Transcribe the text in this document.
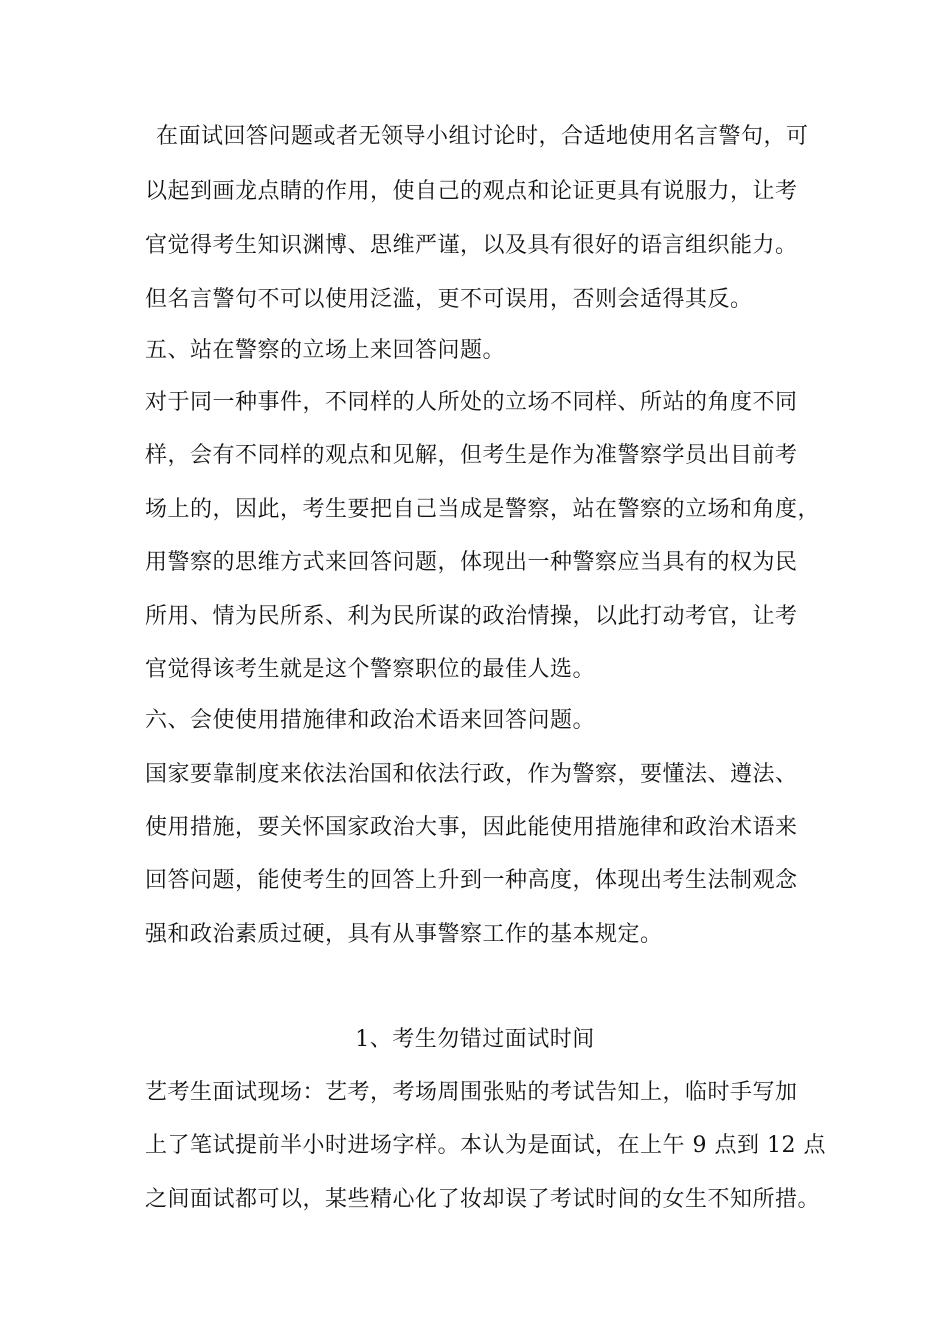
在面试回答问题或者无领导小组讨论时，合适地使用名言警句，可
以起到画龙点睛的作用，使自己的观点和论证更具有说服力，让考
官觉得考生知识渊博、思维严谨，以及具有很好的语言组织能力。
但名言警句不可以使用泛滥，更不可误用，否则会适得其反。
五、站在警察的立场上来回答问题。
对于同一种事件，不同样的人所处的立场不同样、所站的角度不同
样，会有不同样的观点和见解，但考生是作为准警察学员出目前考
场上的，因此，考生要把自己当成是警察，站在警察的立场和角度，
用警察的思维方式来回答问题，体现出一种警察应当具有的权为民
所用、情为民所系、利为民所谋的政治情操，以此打动考官，让考
官觉得该考生就是这个警察职位的最佳人选。
六、会使使用措施律和政治术语来回答问题。
国家要靠制度来依法治国和依法行政，作为警察，要懂法、遵法、
使用措施，要关怀国家政治大事，因此能使用措施律和政治术语来
回答问题，能使考生的回答上升到一种高度，体现出考生法制观念
强和政治素质过硬，具有从事警察工作的基本规定。
1、考生勿错过面试时间
艺考生面试现场：艺考，考场周围张贴的考试告知上，临时手写加
上了笔试提前半小时进场字样。本认为是面试，在上午 9 点到 12 点
之间面试都可以，某些精心化了妆却误了考试时间的女生不知所措。
